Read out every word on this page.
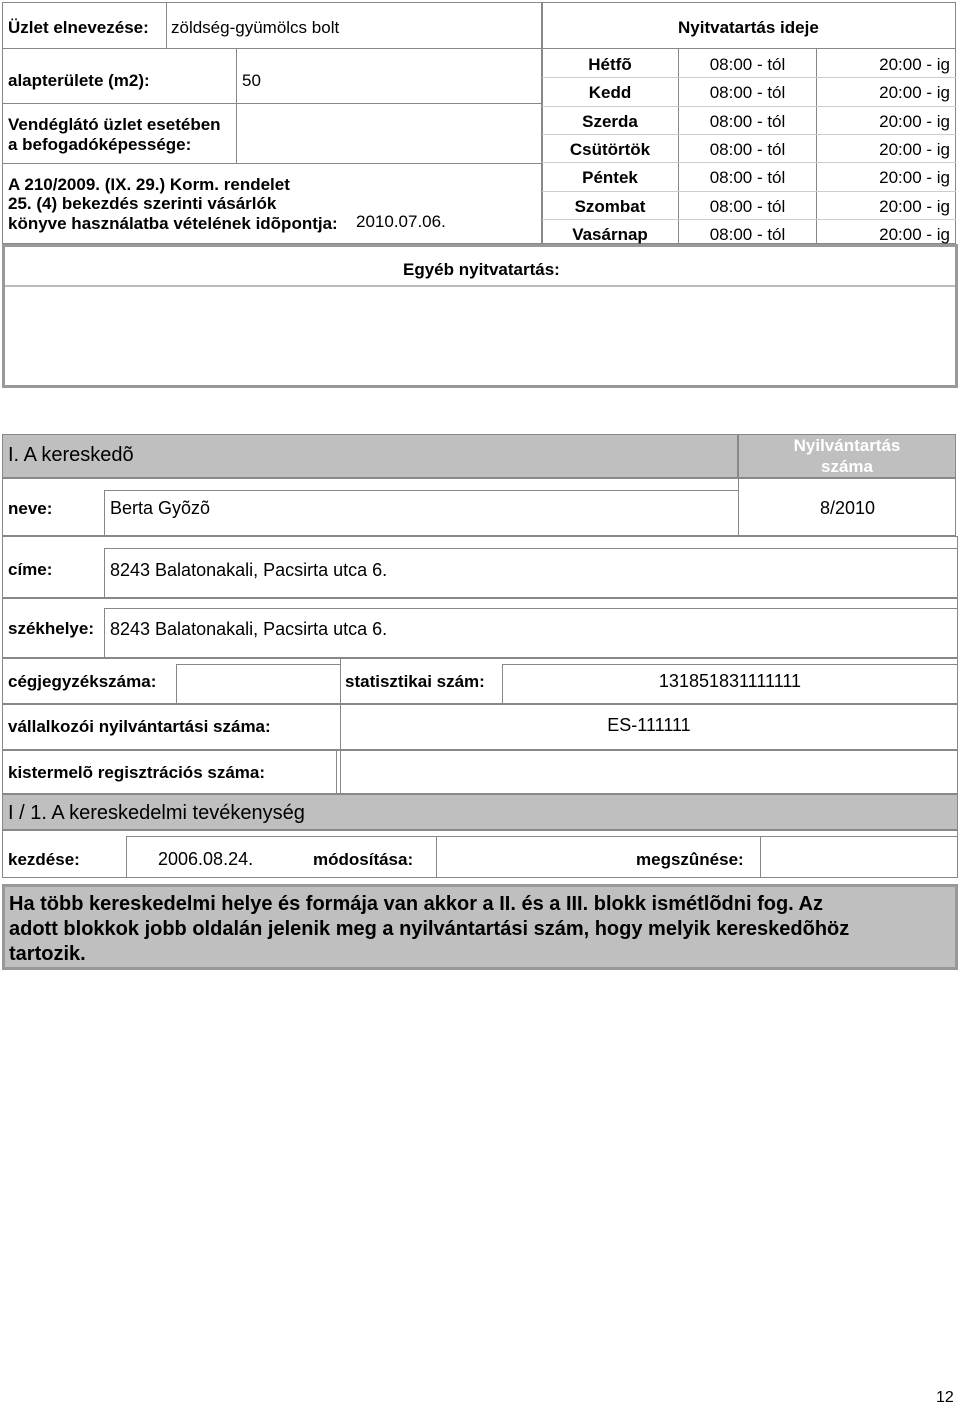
Üzlet elnevezése: zöldség-gyümölcs bolt
alapterülete (m2):	50
Vendéglátó üzlet esetében
a befogadóképessége:
A 210/2009. (IX. 29.) Korm. rendelet
25. (4) bekezdés szerinti vásárlók
könyve használatba vételének idõpontja: 2010.07.06.
Nyitvatartás ideje
Hétfõ	08:00 - tól	20:00 - ig
Kedd	08:00 - tól	20:00 - ig
Szerda	08:00 - tól	20:00 - ig
Csütörtök	08:00 - tól	20:00 - ig
Péntek	08:00 - tól	20:00 - ig
Szombat	08:00 - tól	20:00 - ig
Vasárnap	08:00 - tól	20:00 - ig
Egyéb nyitvatartás:
I. A kereskedõ	Nyilvántartás
száma
neve:	Berta Gyõzõ	8/2010
címe:	8243 Balatonakali, Pacsirta utca 6.
székhelye: 8243 Balatonakali, Pacsirta utca 6.
cégjegyzékszáma:	statisztikai szám:	131851831111111
vállalkozói nyilvántartási száma:	ES-111111
kistermelõ regisztrációs száma:
I / 1. A kereskedelmi tevékenység
kezdése:	2006.08.24.	módosítása:	megszûnése:
Ha több kereskedelmi helye és formája van akkor a II. és a III. blokk ismétlõdni fog. Az
adott blokkok jobb oldalán jelenik meg a nyilvántartási szám, hogy melyik kereskedõhöz
tartozik.
12
